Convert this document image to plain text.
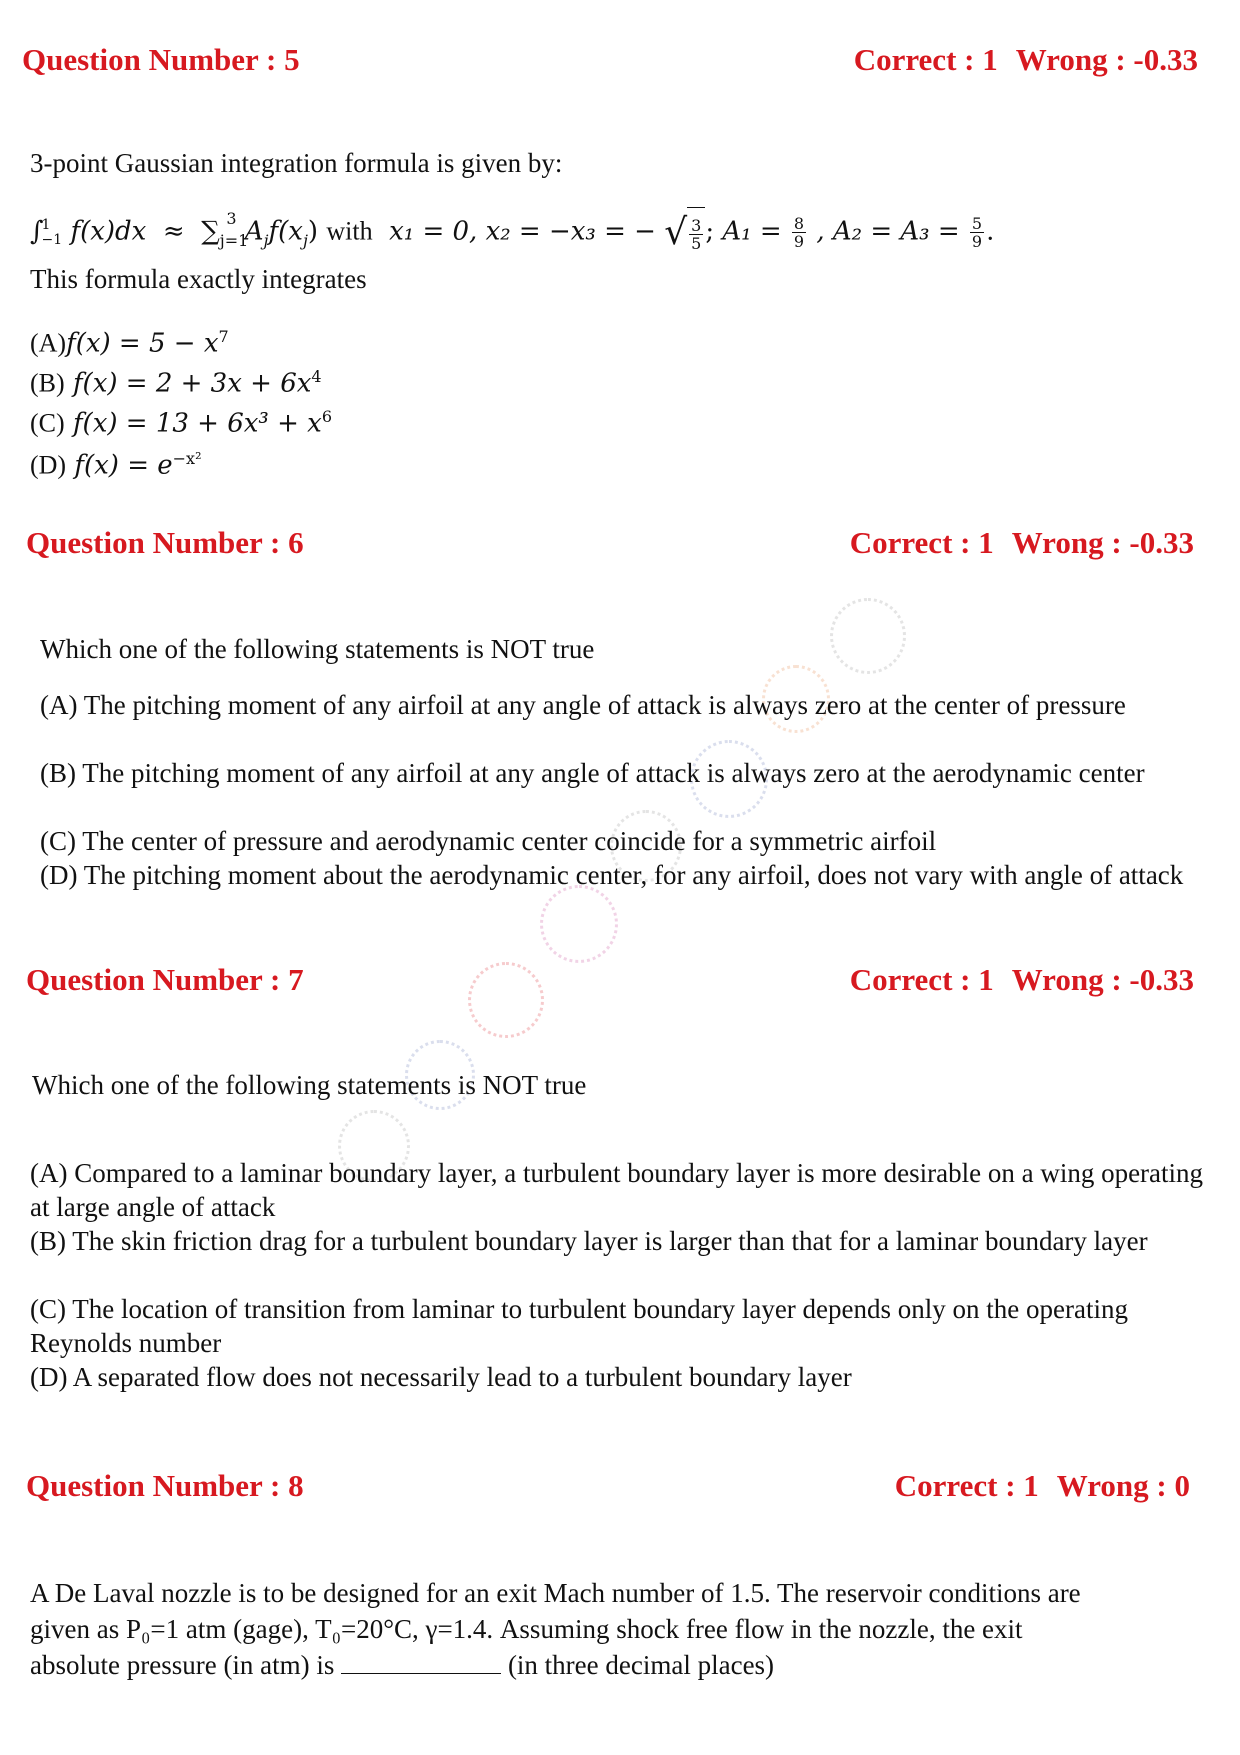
Question Number : 5	Correct : 1 Wrong : -0.33
3-point Gaussian integration formula is given by:
∫
1
−1 $f(x)dx \approx \sum_{j=1}^3$ $A_jf(x_j)$ with x₁ = 0, x₂ = −x₃ = − √ $\frac{3}{5}$ ; $A_1 = \frac{8}{9}$ , $A_2 = A_3 = \frac{5}{9}$ .
This formula exactly integrates
$(A)f(x) = 5 - x^7$
(B) $f(x) = 2 + 3x + 6x^4$
(C) $f(x) = 13 + 6x^3 + x^6$
(D) $f(x) = e^{-x^2}$
Question Number : 6	Correct : 1 Wrong : -0.33
Which one of the following statements is NOT true
(A) The pitching moment of any airfoil at any angle of attack is always zero at the center of pressure
(B) The pitching moment of any airfoil at any angle of attack is always zero at the aerodynamic center
(C) The center of pressure and aerodynamic center coincide for a symmetric airfoil
(D) The pitching moment about the aerodynamic center, for any airfoil, does not vary with angle of attack
Question Number : 7	Correct : 1 Wrong : -0.33
Which one of the following statements is NOT true
(A) Compared to a laminar boundary layer, a turbulent boundary layer is more desirable on a wing operating at large angle of attack
(B) The skin friction drag for a turbulent boundary layer is larger than that for a laminar boundary layer
(C) The location of transition from laminar to turbulent boundary layer depends only on the operating Reynolds number
(D) A separated flow does not necessarily lead to a turbulent boundary layer
Question Number : 8	Correct : 1 Wrong : 0
A De Laval nozzle is to be designed for an exit Mach number of 1.5. The reservoir conditions are
given as P₀=1 atm (gage), T₀=20°C, γ=1.4. Assuming shock free flow in the nozzle, the exit
absolute pressure (in atm) is	(in three decimal places)
